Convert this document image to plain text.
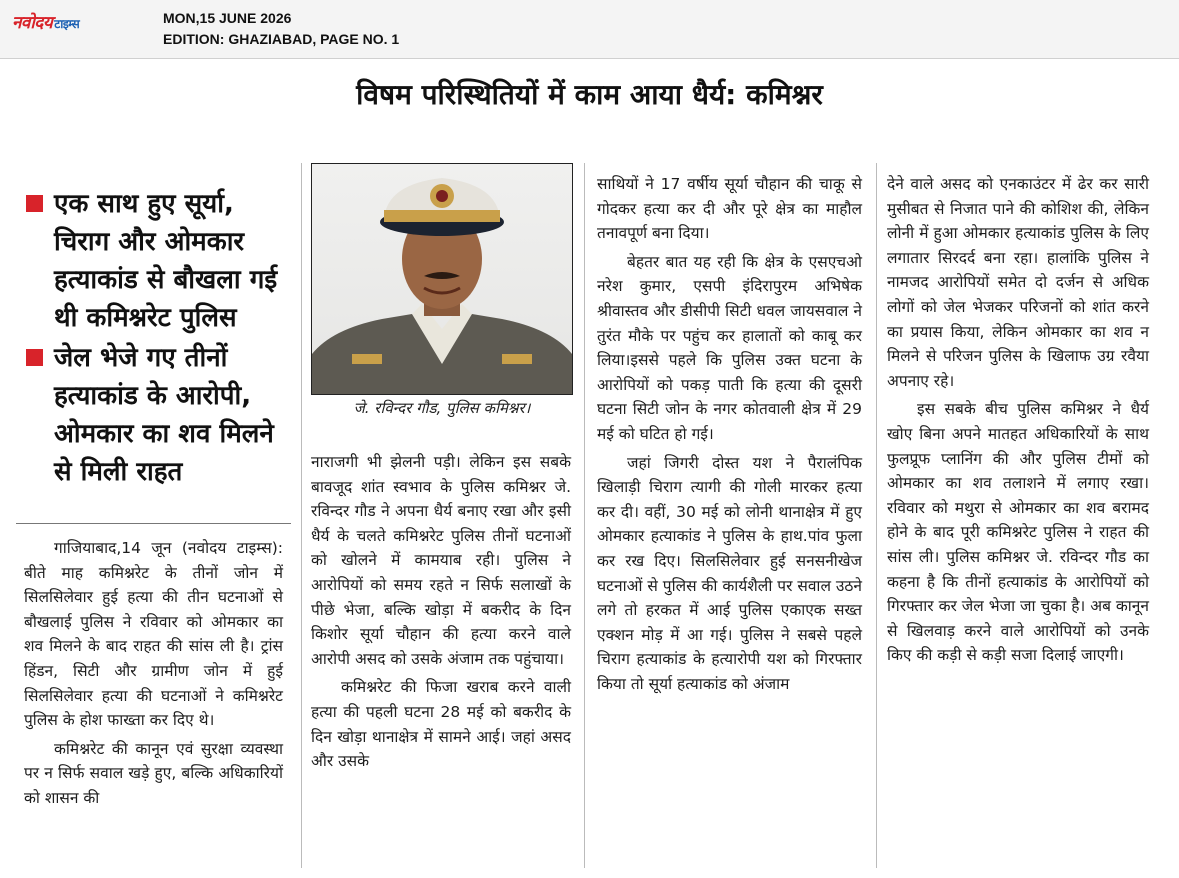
नवोदय टाइम्स	MON,15 JUNE 2026
EDITION: GHAZIABAD, PAGE NO. 1
विषम परिस्थितियों में काम आया धैर्य: कमिश्नर
एक साथ हुए सूर्या, चिराग और ओमकार हत्याकांड से बौखला गई थी कमिश्नरेट पुलिस
जेल भेजे गए तीनों हत्याकांड के आरोपी, ओमकार का शव मिलने से मिली राहत
जे. रविन्दर गौड, पुलिस कमिश्नर।

गाजियाबाद,14 जून (नवोदय टाइम्स): बीते माह कमिश्नरेट के तीनों जोन में सिलसिलेवार हुई हत्या की तीन घटनाओं से बौखलाई पुलिस ने रविवार को ओमकार का शव मिलने के बाद राहत की सांस ली है। ट्रांस हिंडन, सिटी और ग्रामीण जोन में हुई सिलसिलेवार हत्या की घटनाओं ने कमिश्नरेट पुलिस के होश फाख्ता कर दिए थे।

कमिश्नरेट की कानून एवं सुरक्षा व्यवस्था पर न सिर्फ सवाल खड़े हुए, बल्कि अधिकारियों को शासन की

नाराजगी भी झेलनी पड़ी। लेकिन इस सबके बावजूद शांत स्वभाव के पुलिस कमिश्नर जे. रविन्दर गौड ने अपना धैर्य बनाए रखा और इसी धैर्य के चलते कमिश्नरेट पुलिस तीनों घटनाओं को खोलने में कामयाब रही। पुलिस ने आरोपियों को समय रहते न सिर्फ सलाखों के पीछे भेजा, बल्कि खोड़ा में बकरीद के दिन किशोर सूर्या चौहान की हत्या करने वाले आरोपी असद को उसके अंजाम तक पहुंचाया।

कमिश्नरेट की फिजा खराब करने वाली हत्या की पहली घटना 28 मई को बकरीद के दिन खोड़ा थानाक्षेत्र में सामने आई। जहां असद और उसके

साथियों ने 17 वर्षीय सूर्या चौहान की चाकू से गोदकर हत्या कर दी और पूरे क्षेत्र का माहौल तनावपूर्ण बना दिया।

बेहतर बात यह रही कि क्षेत्र के एसएचओ नरेश कुमार, एसपी इंदिरापुरम अभिषेक श्रीवास्तव और डीसीपी सिटी धवल जायसवाल ने तुरंत मौके पर पहुंच कर हालातों को काबू कर लिया।इससे पहले कि पुलिस उक्त घटना के आरोपियों को पकड़ पाती कि हत्या की दूसरी घटना सिटी जोन के नगर कोतवाली क्षेत्र में 29 मई को घटित हो गई।

जहां जिगरी दोस्त यश ने पैरालंपिक खिलाड़ी चिराग त्यागी की गोली मारकर हत्या कर दी। वहीं, 30 मई को लोनी थानाक्षेत्र में हुए ओमकार हत्याकांड ने पुलिस के हाथ.पांव फुला कर रख दिए। सिलसिलेवार हुई सनसनीखेज घटनाओं से पुलिस की कार्यशैली पर सवाल उठने लगे तो हरकत में आई पुलिस एकाएक सख्त एक्शन मोड़ में आ गई। पुलिस ने सबसे पहले चिराग हत्याकांड के हत्यारोपी यश को गिरफ्तार किया तो सूर्या हत्याकांड को अंजाम

देने वाले असद को एनकाउंटर में ढेर कर सारी मुसीबत से निजात पाने की कोशिश की, लेकिन लोनी में हुआ ओमकार हत्याकांड पुलिस के लिए लगातार सिरदर्द बना रहा। हालांकि पुलिस ने नामजद आरोपियों समेत दो दर्जन से अधिक लोगों को जेल भेजकर परिजनों को शांत करने का प्रयास किया, लेकिन ओमकार का शव न मिलने से परिजन पुलिस के खिलाफ उग्र रवैया अपनाए रहे।

इस सबके बीच पुलिस कमिश्नर ने धैर्य खोए बिना अपने मातहत अधिकारियों के साथ फुलप्रूफ प्लानिंग की और पुलिस टीमों को ओमकार का शव तलाशने में लगाए रखा। रविवार को मथुरा से ओमकार का शव बरामद होने के बाद पूरी कमिश्नरेट पुलिस ने राहत की सांस ली। पुलिस कमिश्नर जे. रविन्दर गौड का कहना है कि तीनों हत्याकांड के आरोपियों को गिरफ्तार कर जेल भेजा जा चुका है। अब कानून से खिलवाड़ करने वाले आरोपियों को उनके किए की कड़ी से कड़ी सजा दिलाई जाएगी।
